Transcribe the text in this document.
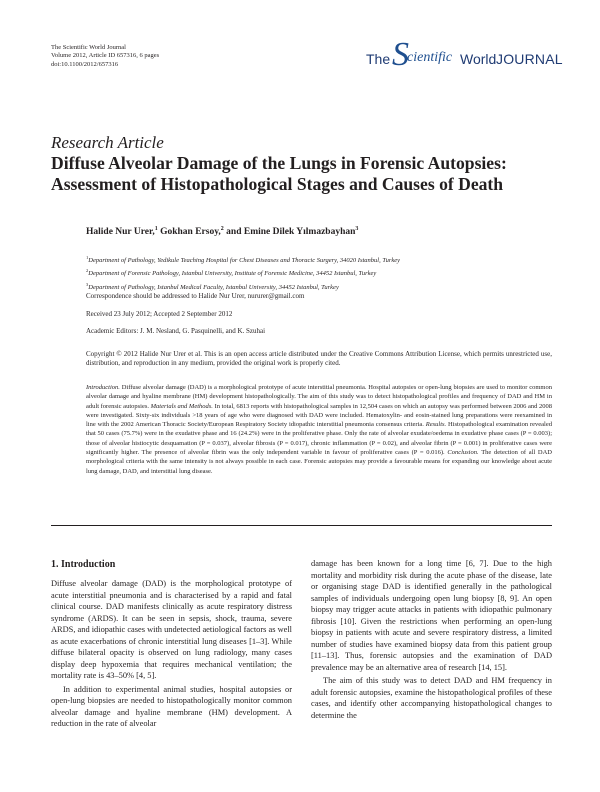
The Scientific World Journal
Volume 2012, Article ID 657316, 6 pages
doi:10.1100/2012/657316	The S
cientific World JOURNAL
Research Article
Diffuse Alveolar Damage of the Lungs in Forensic Autopsies:
Assessment of Histopathological Stages and Causes of Death
Halide Nur Urer,$^1$ Gokhan Ersoy,$^2$ and Emine Dilek Yılmazbayhan$^3$
$^1$Department of Pathology, Yedikule Teaching Hospital for Chest Diseases and Thoracic Surgery, 34020 Istanbul, Turkey
$^2$Department of Forensic Pathology, Istanbul University, Institute of Forensic Medicine, 34452 Istanbul, Turkey
$^3$Department of Pathology, Istanbul Medical Faculty, Istanbul University, 34452 Istanbul, Turkey
Correspondence should be addressed to Halide Nur Urer, nururer@gmail.com
Received 23 July 2012; Accepted 2 September 2012
Academic Editors: J. M. Nesland, G. Pasquinelli, and K. Szuhai
Copyright © 2012 Halide Nur Urer et al. This is an open access article distributed under the Creative Commons Attribution License, which permits unrestricted use, distribution, and reproduction in any medium, provided the original work is properly cited.
Introduction. Diffuse alveolar damage (DAD) is a morphological prototype of acute interstitial pneumonia. Hospital autopsies or open-lung biopsies are used to monitor common alveolar damage and hyaline membrane (HM) development histopathologically. The aim of this study was to detect histopathological profiles and frequency of DAD and HM in adult forensic autopsies. Materials and Methods. In total, 6813 reports with histopathological samples in 12,504 cases on which an autopsy was performed between 2006 and 2008 were investigated. Sixty-six individuals >18 years of age who were diagnosed with DAD were included. Hematoxylin- and eosin-stained lung preparations were reexamined in line with the 2002 American Thoracic Society/European Respiratory Society idiopathic interstitial pneumonia consensus criteria. Results. Histopathological examination revealed that 50 cases (75.7%) were in the exudative phase and 16 (24.2%) were in the proliferative phase. Only the rate of alveolar exudate/oedema in exudative phase cases (P = 0.003); those of alveolar histiocytic desquamation (P = 0.037), alveolar fibrosis (P = 0.017), chronic inflammation (P = 0.02), and alveolar fibrin (P = 0.001) in proliferative cases were significantly higher. The presence of alveolar fibrin was the only independent variable in favour of proliferative cases (P = 0.016). Conclusion. The detection of all DAD morphological criteria with the same intensity is not always possible in each case. Forensic autopsies may provide a favourable means for expanding our knowledge about acute lung damage, DAD, and interstitial lung disease.
1. Introduction

Diffuse alveolar damage (DAD) is the morphological prototype of acute interstitial pneumonia and is characterised by a rapid and fatal clinical course. DAD manifests clinically as acute respiratory distress syndrome (ARDS). It can be seen in sepsis, shock, trauma, severe ARDS, and idiopathic cases with undetected aetiological factors as well as acute exacerbations of chronic interstitial lung diseases [1–3]. While diffuse bilateral opacity is observed on lung radiology, many cases display deep hypoxemia that requires mechanical ventilation; the mortality rate is 43–50% [4, 5].

In addition to experimental animal studies, hospital autopsies or open-lung biopsies are needed to histopathologically monitor common alveolar damage and hyaline membrane (HM) development. A reduction in the rate of alveolar

damage has been known for a long time [6, 7]. Due to the high mortality and morbidity risk during the acute phase of the disease, late or organising stage DAD is identified generally in the pathological samples of individuals undergoing open lung biopsy [8, 9]. An open biopsy may trigger acute attacks in patients with idiopathic pulmonary fibrosis [10]. Given the restrictions when performing an open-lung biopsy in patients with acute and severe respiratory distress, a limited number of studies have examined biopsy data from this patient group [11–13]. Thus, forensic autopsies and the examination of DAD prevalence may be an alternative area of research [14, 15].

The aim of this study was to detect DAD and HM frequency in adult forensic autopsies, examine the histopathological profiles of these cases, and identify other accompanying histopathological changes to determine the
